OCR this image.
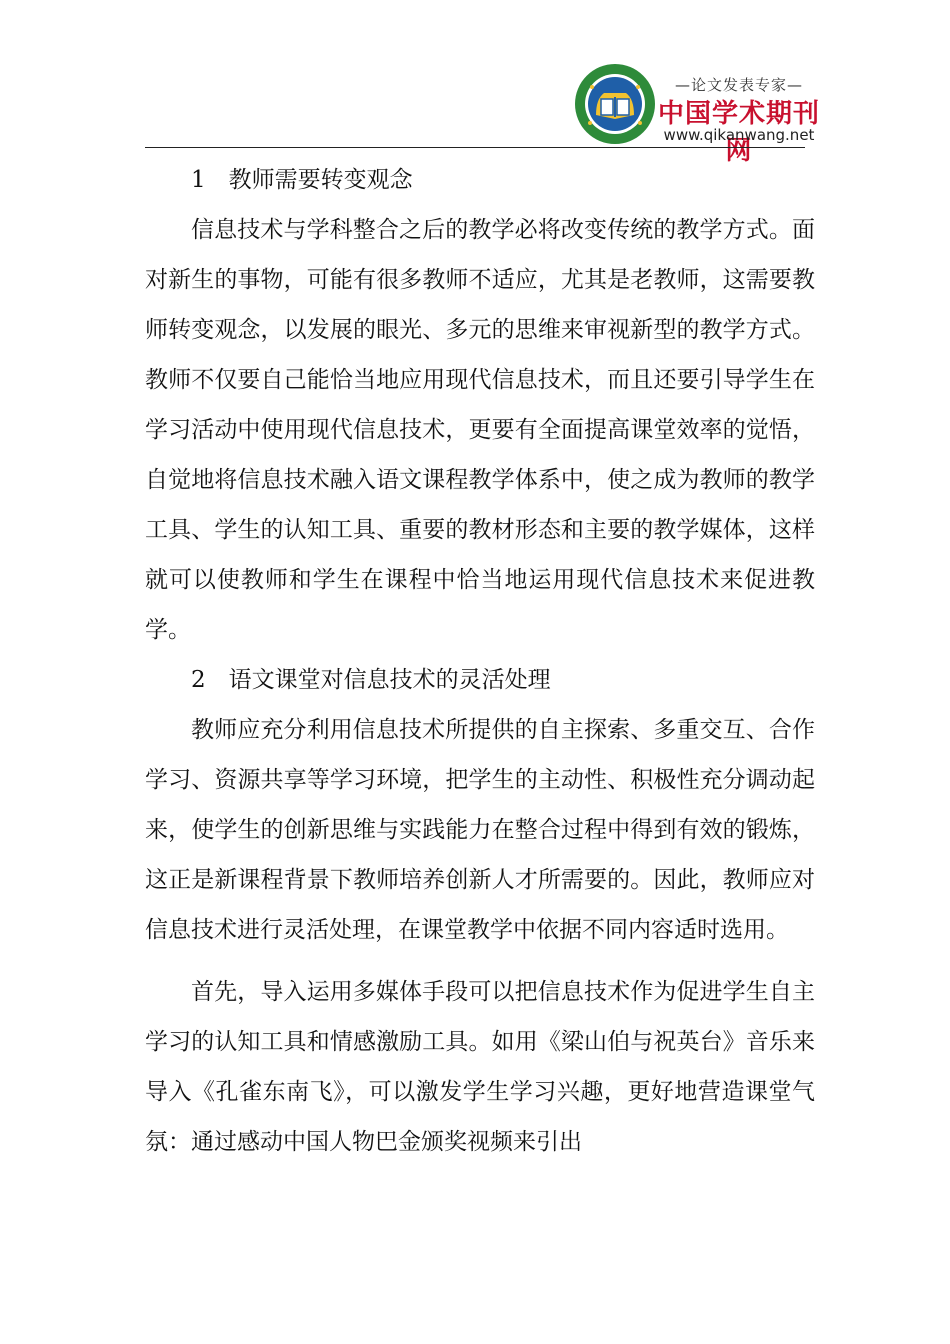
—论文发表专家—
中国学术期刊网
www.qikanwang.net

1　教师需要转变观念

信息技术与学科整合之后的教学必将改变传统的教学方式。面对新生的事物，可能有很多教师不适应，尤其是老教师，这需要教师转变观念，以发展的眼光、多元的思维来审视新型的教学方式。教师不仅要自己能恰当地应用现代信息技术，而且还要引导学生在学习活动中使用现代信息技术，更要有全面提高课堂效率的觉悟，自觉地将信息技术融入语文课程教学体系中，使之成为教师的教学工具、学生的认知工具、重要的教材形态和主要的教学媒体，这样就可以使教师和学生在课程中恰当地运用现代信息技术来促进教学。

2　语文课堂对信息技术的灵活处理

教师应充分利用信息技术所提供的自主探索、多重交互、合作学习、资源共享等学习环境，把学生的主动性、积极性充分调动起来，使学生的创新思维与实践能力在整合过程中得到有效的锻炼，这正是新课程背景下教师培养创新人才所需要的。因此，教师应对信息技术进行灵活处理，在课堂教学中依据不同内容适时选用。

首先，导入运用多媒体手段可以把信息技术作为促进学生自主学习的认知工具和情感激励工具。如用《梁山伯与祝英台》音乐来导入《孔雀东南飞》，可以激发学生学习兴趣，更好地营造课堂气氛：通过感动中国人物巴金颁奖视频来引出
